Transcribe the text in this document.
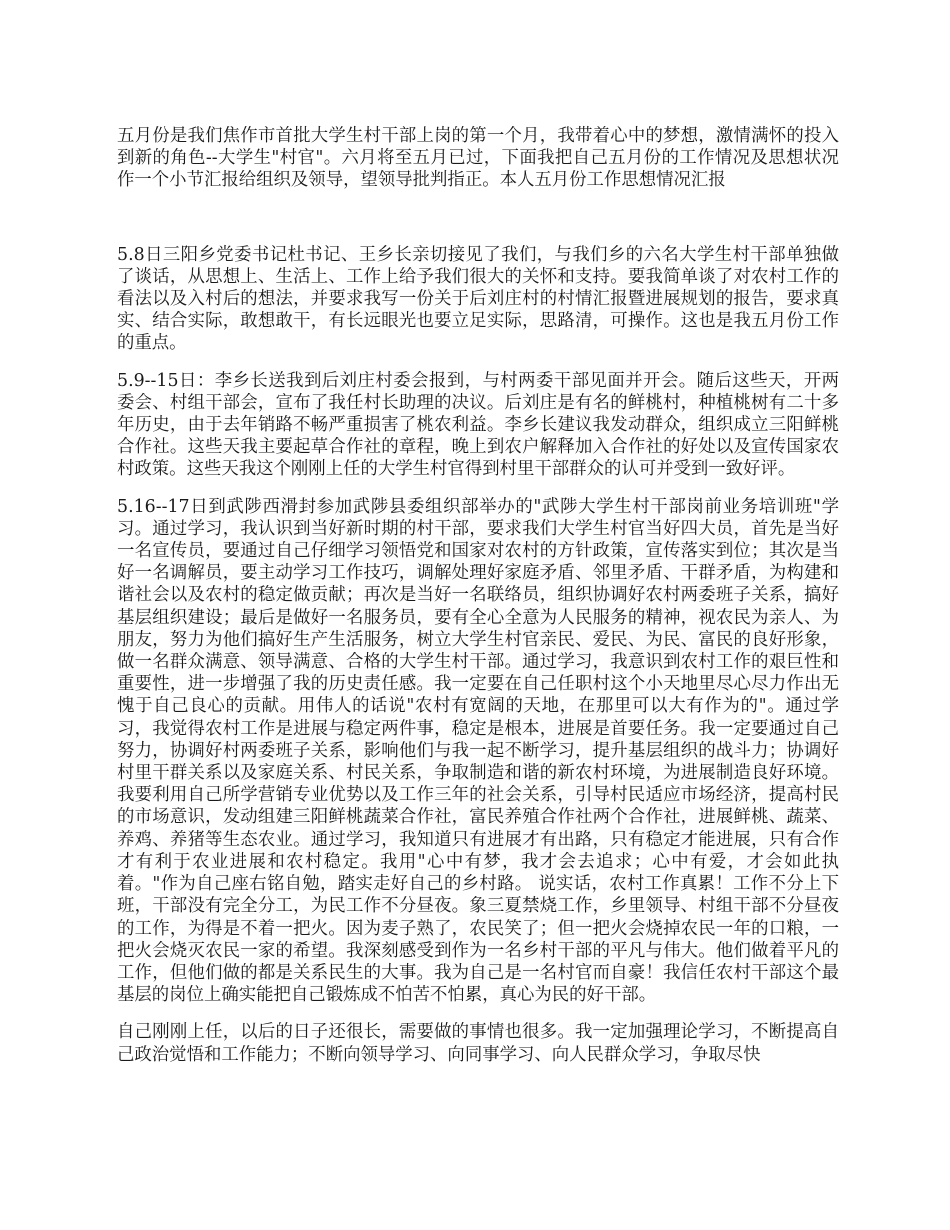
五月份是我们焦作市首批大学生村干部上岗的第一个月，我带着心中的梦想，激情满怀的投入到新的角色--大学生"村官"。六月将至五月已过，下面我把自己五月份的工作情况及思想状况作一个小节汇报给组织及领导，望领导批判指正。本人五月份工作思想情况汇报

5.8日三阳乡党委书记杜书记、王乡长亲切接见了我们，与我们乡的六名大学生村干部单独做了谈话，从思想上、生活上、工作上给予我们很大的关怀和支持。要我简单谈了对农村工作的看法以及入村后的想法，并要求我写一份关于后刘庄村的村情汇报暨进展规划的报告，要求真实、结合实际，敢想敢干，有长远眼光也要立足实际，思路清，可操作。这也是我五月份工作的重点。

5.9--15日：李乡长送我到后刘庄村委会报到，与村两委干部见面并开会。随后这些天，开两委会、村组干部会，宣布了我任村长助理的决议。后刘庄是有名的鲜桃村，种植桃树有二十多年历史，由于去年销路不畅严重损害了桃农利益。李乡长建议我发动群众，组织成立三阳鲜桃合作社。这些天我主要起草合作社的章程，晚上到农户解释加入合作社的好处以及宣传国家农村政策。这些天我这个刚刚上任的大学生村官得到村里干部群众的认可并受到一致好评。

5.16--17日到武陟西滑封参加武陟县委组织部举办的"武陟大学生村干部岗前业务培训班"学习。通过学习，我认识到当好新时期的村干部，要求我们大学生村官当好四大员，首先是当好一名宣传员，要通过自己仔细学习领悟党和国家对农村的方针政策，宣传落实到位；其次是当好一名调解员，要主动学习工作技巧，调解处理好家庭矛盾、邻里矛盾、干群矛盾，为构建和谐社会以及农村的稳定做贡献；再次是当好一名联络员，组织协调好农村两委班子关系，搞好基层组织建设；最后是做好一名服务员，要有全心全意为人民服务的精神，视农民为亲人、为朋友，努力为他们搞好生产生活服务，树立大学生村官亲民、爱民、为民、富民的良好形象，做一名群众满意、领导满意、合格的大学生村干部。通过学习，我意识到农村工作的艰巨性和重要性，进一步增强了我的历史责任感。我一定要在自己任职村这个小天地里尽心尽力作出无愧于自己良心的贡献。用伟人的话说"农村有宽阔的天地，在那里可以大有作为的"。通过学习，我觉得农村工作是进展与稳定两件事，稳定是根本，进展是首要任务。我一定要通过自己努力，协调好村两委班子关系，影响他们与我一起不断学习，提升基层组织的战斗力；协调好村里干群关系以及家庭关系、村民关系，争取制造和谐的新农村环境，为进展制造良好环境。我要利用自己所学营销专业优势以及工作三年的社会关系，引导村民适应市场经济，提高村民的市场意识，发动组建三阳鲜桃蔬菜合作社，富民养殖合作社两个合作社，进展鲜桃、蔬菜、养鸡、养猪等生态农业。通过学习，我知道只有进展才有出路，只有稳定才能进展，只有合作才有利于农业进展和农村稳定。我用"心中有梦，我才会去追求；心中有爱，才会如此执着。"作为自己座右铭自勉，踏实走好自己的乡村路。 说实话，农村工作真累！工作不分上下班，干部没有完全分工，为民工作不分昼夜。象三夏禁烧工作，乡里领导、村组干部不分昼夜的工作，为得是不着一把火。因为麦子熟了，农民笑了；但一把火会烧掉农民一年的口粮，一把火会烧灭农民一家的希望。我深刻感受到作为一名乡村干部的平凡与伟大。他们做着平凡的工作，但他们做的都是关系民生的大事。我为自己是一名村官而自豪！我信任农村干部这个最基层的岗位上确实能把自己锻炼成不怕苦不怕累，真心为民的好干部。

自己刚刚上任，以后的日子还很长，需要做的事情也很多。我一定加强理论学习，不断提高自己政治觉悟和工作能力；不断向领导学习、向同事学习、向人民群众学习，争取尽快
